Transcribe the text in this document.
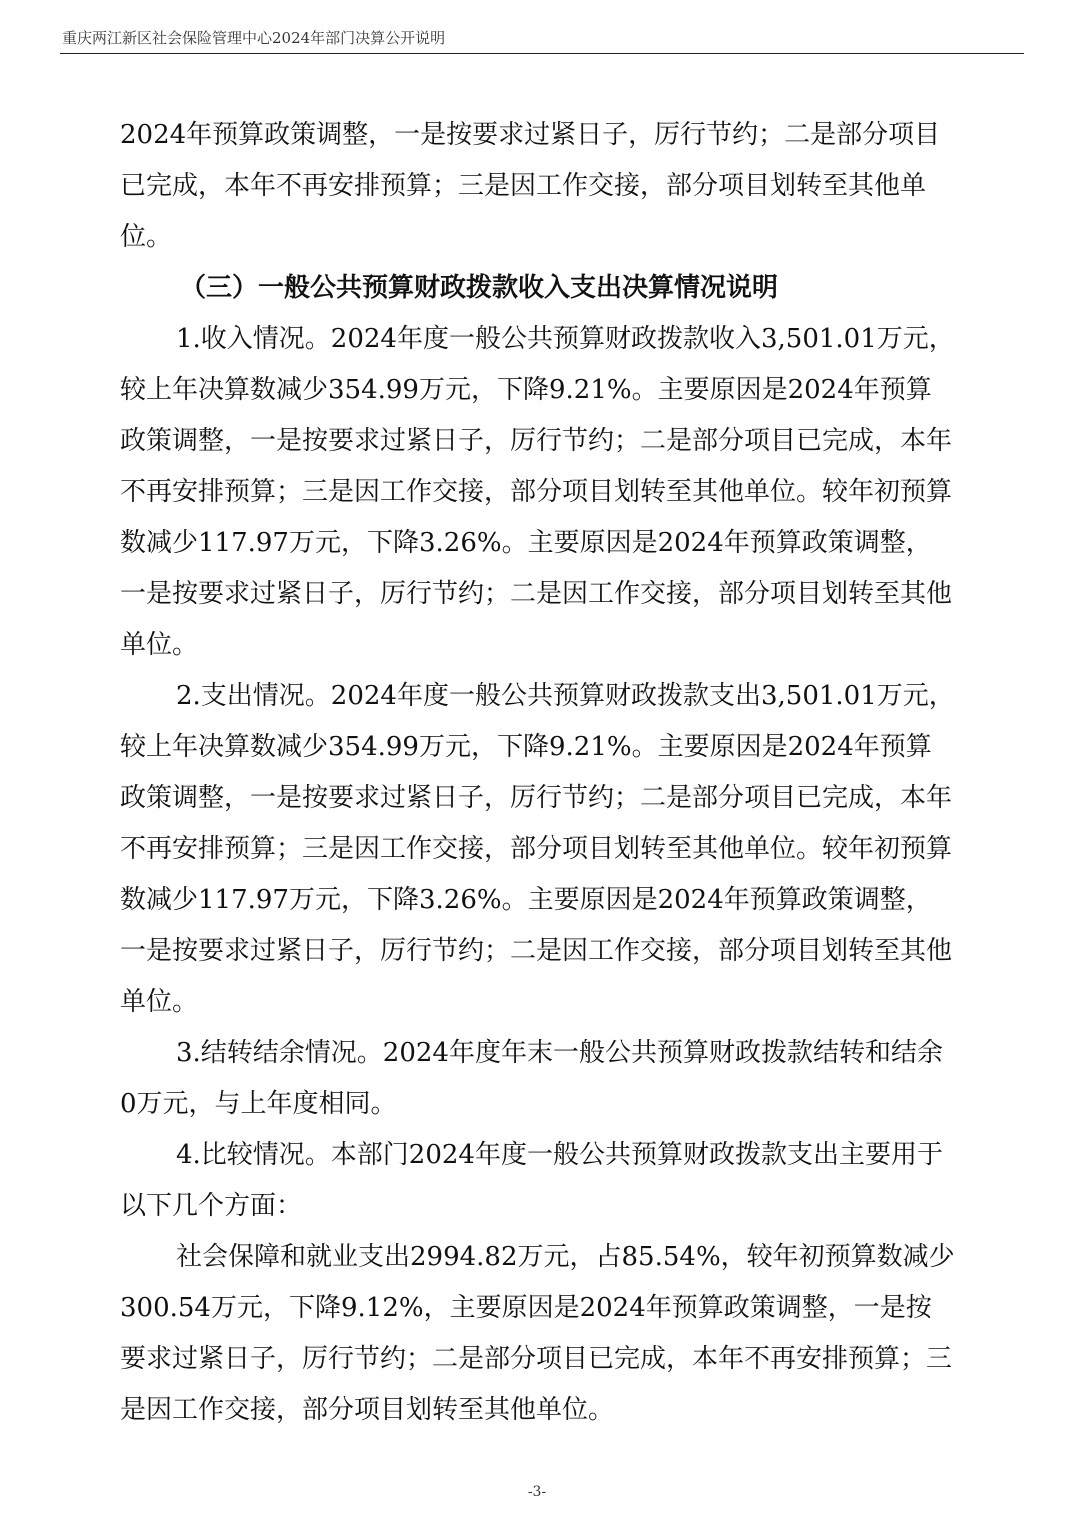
重庆两江新区社会保险管理中心2024年部门决算公开说明

2024年预算政策调整，一是按要求过紧日子，厉行节约；二是部分项目已完成，本年不再安排预算；三是因工作交接，部分项目划转至其他单位。

（三）一般公共预算财政拨款收入支出决算情况说明

1.收入情况。2024年度一般公共预算财政拨款收入3,501.01万元，较上年决算数减少354.99万元，下降9.21%。主要原因是2024年预算政策调整，一是按要求过紧日子，厉行节约；二是部分项目已完成，本年不再安排预算；三是因工作交接，部分项目划转至其他单位。较年初预算数减少117.97万元，下降3.26%。主要原因是2024年预算政策调整，一是按要求过紧日子，厉行节约；二是因工作交接，部分项目划转至其他单位。

2.支出情况。2024年度一般公共预算财政拨款支出3,501.01万元，较上年决算数减少354.99万元，下降9.21%。主要原因是2024年预算政策调整，一是按要求过紧日子，厉行节约；二是部分项目已完成，本年不再安排预算；三是因工作交接，部分项目划转至其他单位。较年初预算数减少117.97万元，下降3.26%。主要原因是2024年预算政策调整，一是按要求过紧日子，厉行节约；二是因工作交接，部分项目划转至其他单位。

3.结转结余情况。2024年度年末一般公共预算财政拨款结转和结余0万元，与上年度相同。

4.比较情况。本部门2024年度一般公共预算财政拨款支出主要用于以下几个方面：

社会保障和就业支出2994.82万元，占85.54%，较年初预算数减少300.54万元，下降9.12%，主要原因是2024年预算政策调整，一是按要求过紧日子，厉行节约；二是部分项目已完成，本年不再安排预算；三是因工作交接，部分项目划转至其他单位。

-3-
